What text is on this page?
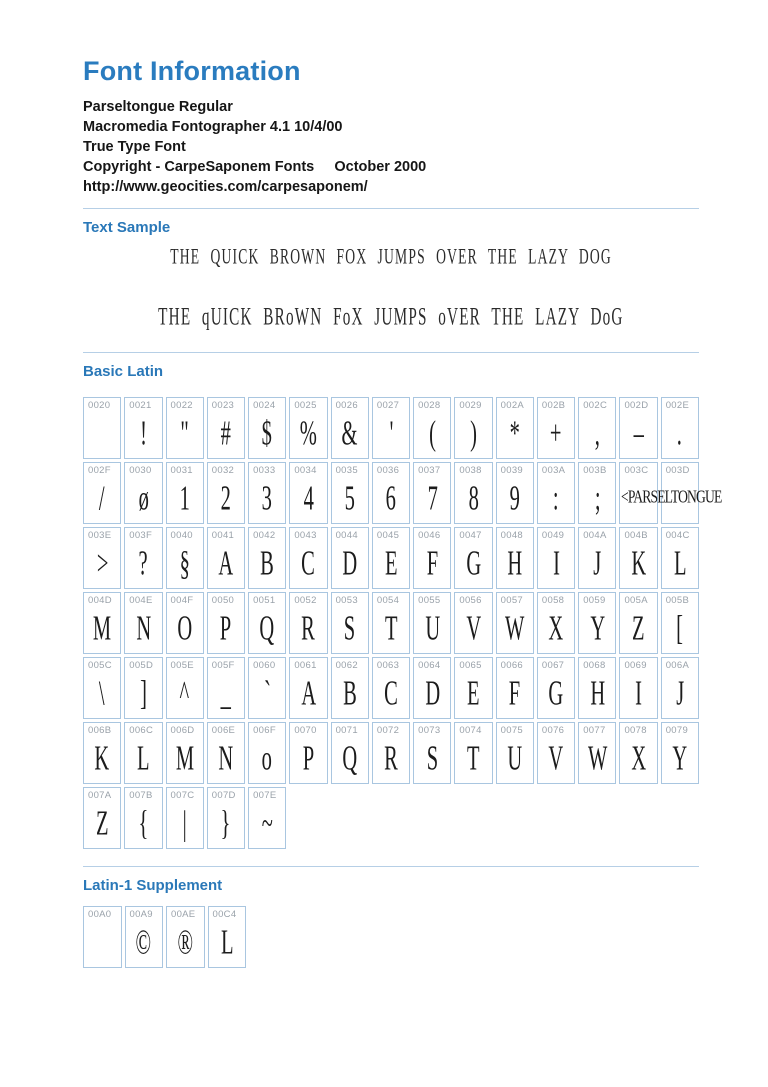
Font Information
Parseltongue Regular
Macromedia Fontographer 4.1 10/4/00
True Type Font
Copyright - CarpeSaponem Fonts     October 2000
http://www.geocities.com/carpesaponem/
Text Sample
THE QUICK BROWN FOX JUMPS OVER THE LAZY DOG
THE qUICK BRoWN FoX JUMPS oVER THE LAZY DoG
Basic Latin
0020 0021
!
0022
"
0023
#
0024
$
0025
%
0026
&
0027
'
0028
(
0029
)
002A
*
002B
+
002C
,
002D
–
002E
.
002F
/
0030
ø
0031
1
0032
2
0033
3
0034
4
0035
5
0036
6
0037
7
0038
8
0039
9
003A
:
003B
;
003C
<PARSELTONGUE
003D
003E
>
003F
?
0040
§
0041
A
0042
B
0043
C
0044
D
0045
E
0046
F
0047
G
0048
H
0049
I
004A
J
004B
K
004C
L
004D
M
004E
N
004F
O
0050
P
0051
Q
0052
R
0053
S
0054
T
0055
U
0056
V
0057
W
0058
X
0059
Y
005A
Z
005B
[
005C
\
005D
]
005E
^
005F
_
0060
`
0061
A
0062
B
0063
C
0064
D
0065
E
0066
F
0067
G
0068
H
0069
I
006A
J
006B
K
006C
L
006D
M
006E
N
006F
o
0070
P
0071
Q
0072
R
0073
S
0074
T
0075
U
0076
V
0077
W
0078
X
0079
Y
007A
Z
007B
{
007C
|
007D
}
007E
~
Latin-1 Supplement
00A0 00A9
©
00AE
®
00C4
L
